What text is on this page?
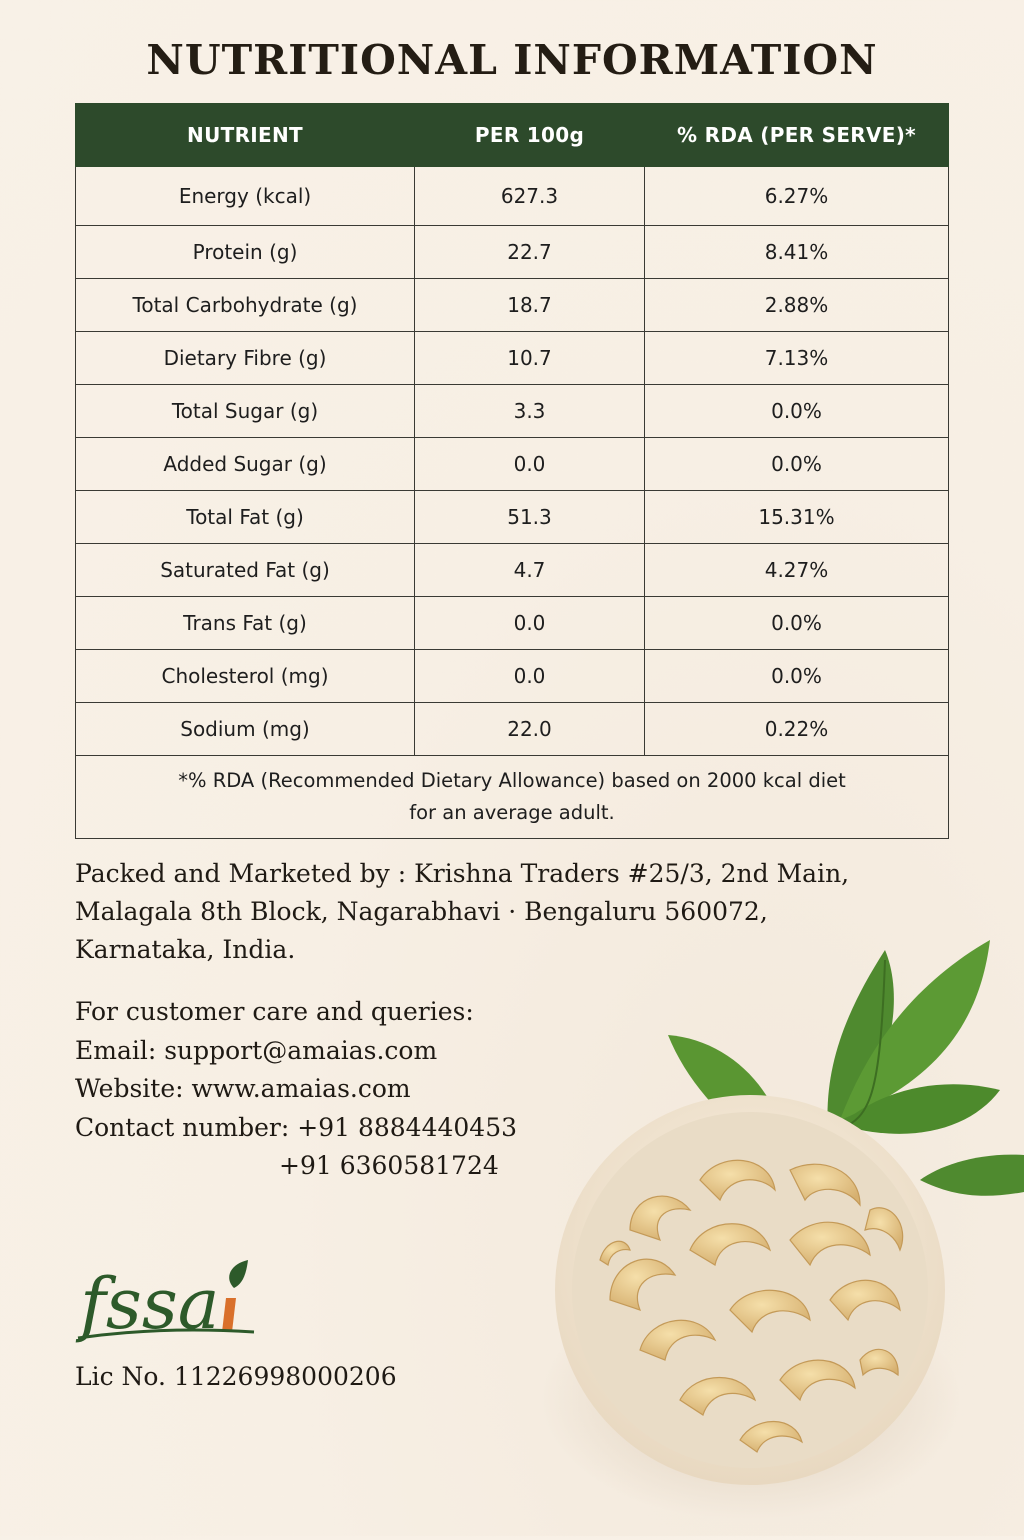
NUTRITIONAL INFORMATION
NUTRIENT	PER 100g	% RDA (PER SERVE)*
Energy (kcal)	627.3	6.27%
Protein (g)	22.7	8.41%
Total Carbohydrate (g)	18.7	2.88%
Dietary Fibre (g)	10.7	7.13%
Total Sugar (g)	3.3	0.0%
Added Sugar (g)	0.0	0.0%
Total Fat (g)	51.3	15.31%
Saturated Fat (g)	4.7	4.27%
Trans Fat (g)	0.0	0.0%
Cholesterol (mg)	0.0	0.0%
Sodium (mg)	22.0	0.22%

*% RDA (Recommended Dietary Allowance) based on 2000 kcal diet
for an average adult.		
Packed and Marketed by : Krishna Traders #25/3, 2nd Main,
Malagala 8th Block, Nagarabhavi · Bengaluru 560072,
Karnataka, India.
For customer care and queries:
Email: support@amaias.com
Website: www.amaias.com
Contact number: +91 8884440453
+91 6360581724
fssa
Lic No. 11226998000206
